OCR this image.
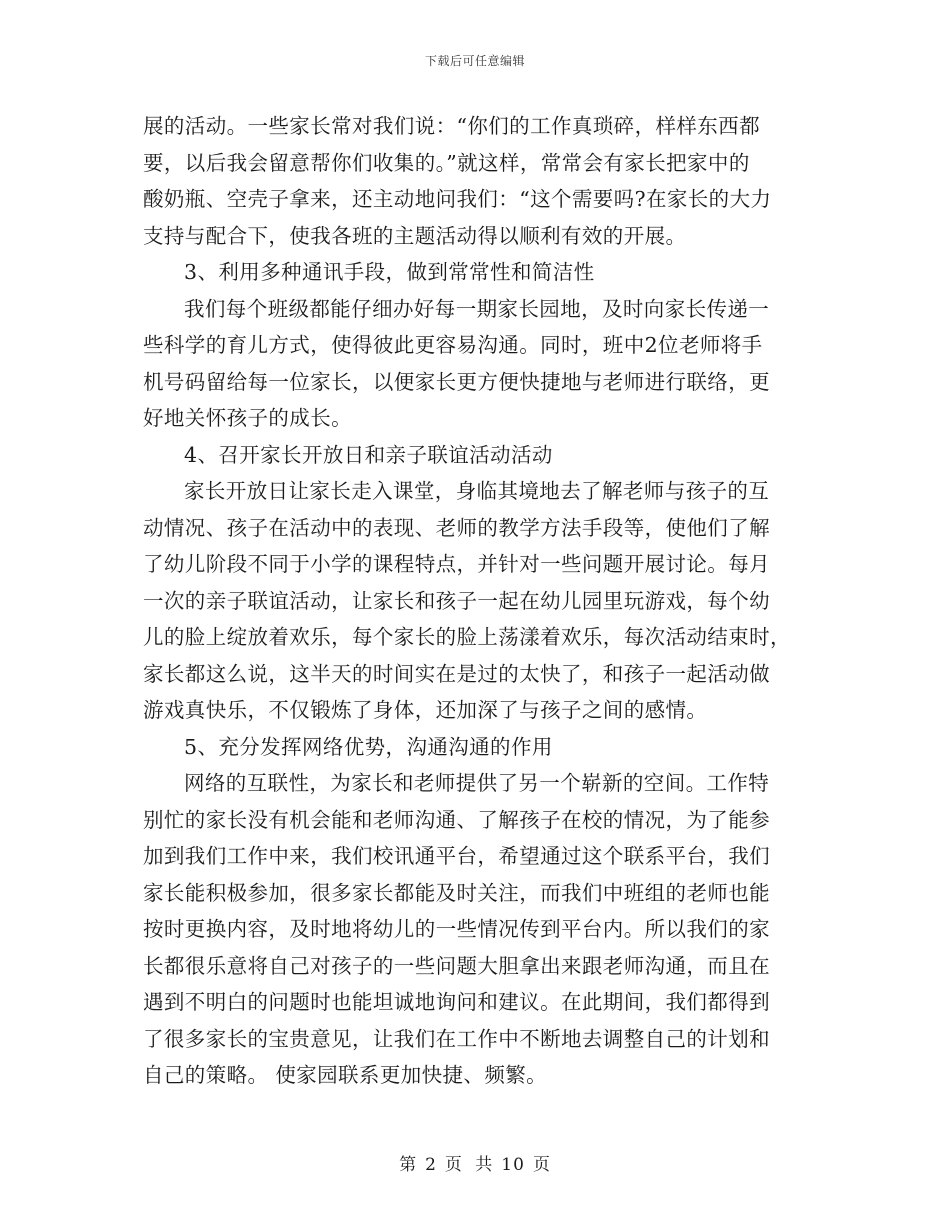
下载后可任意编辑
展的活动。一些家长常对我们说：“你们的工作真琐碎，样样东西都
要，以后我会留意帮你们收集的。”就这样，常常会有家长把家中的
酸奶瓶、空壳子拿来，还主动地问我们：“这个需要吗?在家长的大力
支持与配合下，使我各班的主题活动得以顺利有效的开展。
3、利用多种通讯手段，做到常常性和简洁性
我们每个班级都能仔细办好每一期家长园地，及时向家长传递一
些科学的育儿方式，使得彼此更容易沟通。同时，班中2位老师将手
机号码留给每一位家长，以便家长更方便快捷地与老师进行联络，更
好地关怀孩子的成长。
4、召开家长开放日和亲子联谊活动活动
家长开放日让家长走入课堂，身临其境地去了解老师与孩子的互
动情况、孩子在活动中的表现、老师的教学方法手段等，使他们了解
了幼儿阶段不同于小学的课程特点，并针对一些问题开展讨论。每月
一次的亲子联谊活动，让家长和孩子一起在幼儿园里玩游戏，每个幼
儿的脸上绽放着欢乐，每个家长的脸上荡漾着欢乐，每次活动结束时，
家长都这么说，这半天的时间实在是过的太快了，和孩子一起活动做
游戏真快乐，不仅锻炼了身体，还加深了与孩子之间的感情。
5、充分发挥网络优势，沟通沟通的作用
网络的互联性，为家长和老师提供了另一个崭新的空间。工作特
别忙的家长没有机会能和老师沟通、了解孩子在校的情况，为了能参
加到我们工作中来，我们校讯通平台，希望通过这个联系平台，我们
家长能积极参加，很多家长都能及时关注，而我们中班组的老师也能
按时更换内容，及时地将幼儿的一些情况传到平台内。所以我们的家
长都很乐意将自己对孩子的一些问题大胆拿出来跟老师沟通，而且在
遇到不明白的问题时也能坦诚地询问和建议。在此期间，我们都得到
了很多家长的宝贵意见，让我们在工作中不断地去调整自己的计划和
自己的策略。 使家园联系更加快捷、频繁。
第 2 页 共 10 页
